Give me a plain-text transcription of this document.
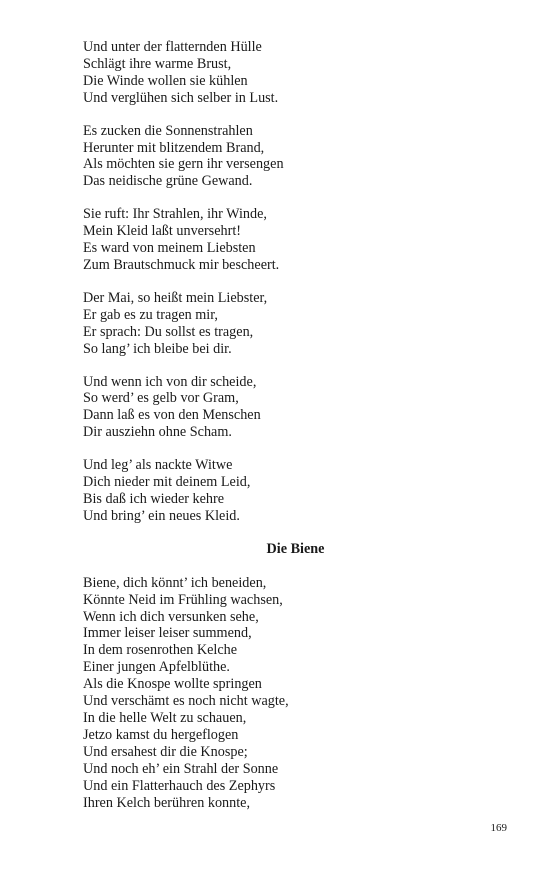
Und unter der flatternden Hülle
Schlägt ihre warme Brust,
Die Winde wollen sie kühlen
Und verglühen sich selber in Lust.
Es zucken die Sonnenstrahlen
Herunter mit blitzendem Brand,
Als möchten sie gern ihr versengen
Das neidische grüne Gewand.
Sie ruft: Ihr Strahlen, ihr Winde,
Mein Kleid laßt unversehrt!
Es ward von meinem Liebsten
Zum Brautschmuck mir bescheert.
Der Mai, so heißt mein Liebster,
Er gab es zu tragen mir,
Er sprach: Du sollst es tragen,
So lang’ ich bleibe bei dir.
Und wenn ich von dir scheide,
So werd’ es gelb vor Gram,
Dann laß es von den Menschen
Dir ausziehn ohne Scham.
Und leg’ als nackte Witwe
Dich nieder mit deinem Leid,
Bis daß ich wieder kehre
Und bring’ ein neues Kleid.
Die Biene
Biene, dich könnt’ ich beneiden,
Könnte Neid im Frühling wachsen,
Wenn ich dich versunken sehe,
Immer leiser leiser summend,
In dem rosenrothen Kelche
Einer jungen Apfelblüthe.
Als die Knospe wollte springen
Und verschämt es noch nicht wagte,
In die helle Welt zu schauen,
Jetzo kamst du hergeflogen
Und ersahest dir die Knospe;
Und noch eh’ ein Strahl der Sonne
Und ein Flatterhauch des Zephyrs
Ihren Kelch berühren konnte,
169
